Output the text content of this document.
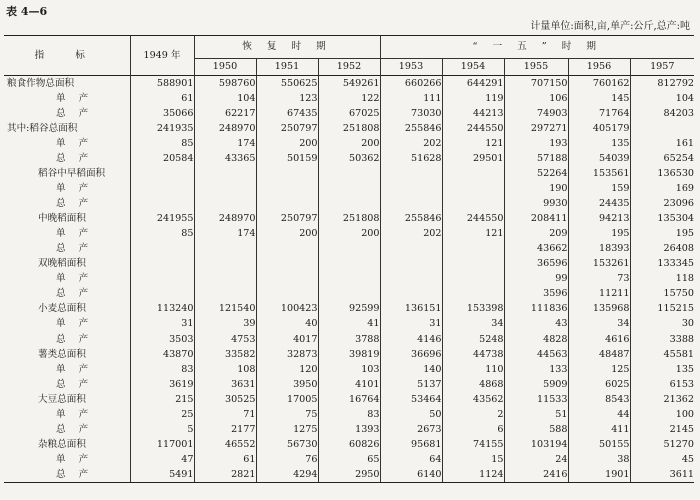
表 4—6
计量单位:面积,亩,单产:公斤,总产:吨
指 标	1949 年	恢 复 时 期			“ 一 五 ” 时 期				
		1950	1951	1952	1953	1954	1955	1956	1957
粮食作物总面积	588901	598760	550625	549261	660266	644291	707150	760162	812792
单 产	61	104	123	122	111	119	106	145	104
总 产	35066	62217	67435	67025	73030	44213	74903	71764	84203
其中:稻谷总面积	241935	248970	250797	251808	255846	244550	297271	405179	
单 产	85	174	200	200	202	121	193	135	161
总 产	20584	43365	50159	50362	51628	29501	57188	54039	65254
稻谷中早稻面积							52264	153561	136530
单 产							190	159	169
总 产							9930	24435	23096
中晚稻面积	241955	248970	250797	251808	255846	244550	208411	94213	135304
单 产	85	174	200	200	202	121	209	195	195
总 产							43662	18393	26408
双晚稻面积							36596	153261	133345
单 产							99	73	118
总 产							3596	11211	15750
小麦总面积	113240	121540	100423	92599	136151	153398	111836	135968	115215
单 产	31	39	40	41	31	34	43	34	30
总 产	3503	4753	4017	3788	4146	5248	4828	4616	3388
薯类总面积	43870	33582	32873	39819	36696	44738	44563	48487	45581
单 产	83	108	120	103	140	110	133	125	135
总 产	3619	3631	3950	4101	5137	4868	5909	6025	6153
大豆总面积	215	30525	17005	16764	53464	43562	11533	8543	21362
单 产	25	71	75	83	50	2	51	44	100
总 产	5	2177	1275	1393	2673	6	588	411	2145
杂粮总面积	117001	46552	56730	60826	95681	74155	103194	50155	51270
单 产	47	61	76	65	64	15	24	38	45
总 产	5491	2821	4294	2950	6140	1124	2416	1901	3611
